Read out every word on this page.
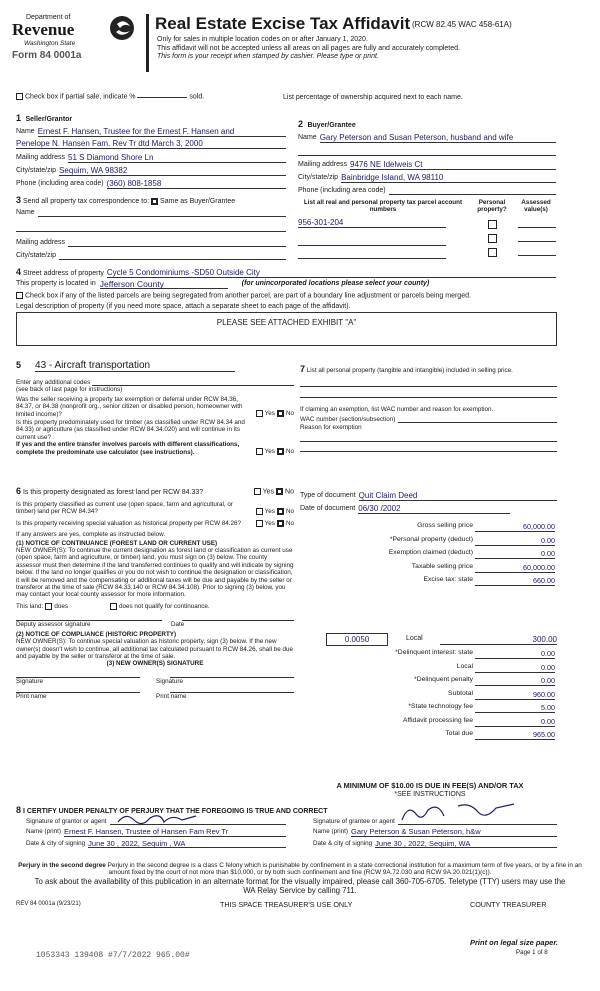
Department of
Revenue
Washington State
Form 84 0001a
Real Estate Excise Tax Affidavit (RCW 82.45 WAC 458-61A)
Only for sales in multiple location codes on or after January 1, 2020.
This affidavit will not be accepted unless all areas on all pages are fully and accurately completed.
This form is your receipt when stamped by cashier. Please type or print.
Check box if partial sale, indicate %	sold.	List percentage of ownership acquired next to each name.
1 Seller/Grantor
Name Ernest F. Hansen, Trustee for the Ernest F. Hansen and
Penelope N. Hansen Fam. Rev Tr dtd March 3, 2000
Mailing address 51 S Diamond Shore Ln
City/state/zip Sequim, WA 98382
Phone (including area code) (360) 808-1858
2 Buyer/Grantee
Name Gary Peterson and Susan Peterson, husband and wife
Mailing address 9476 NE Idelweis Ct
City/state/zip Bainbridge Island, WA 98110
Phone (including area code)
3 Send all property tax correspondence to: Same as Buyer/Grantee
Name
Mailing address
City/state/zip
List all real and personal property tax parcel account numbers
Personal property?
Assessed value(s)
956-301-204
4
Street address of property Cycle 5 Condominiums -SD50 Outside City
This property is located in Jefferson County	(for unincorporated locations please select your county)
Check box if any of the listed parcels are being segregated from another parcel, are part of a boundary line adjustment or parcels being merged.
Legal description of property (if you need more space, attach a separate sheet to each page of the affidavit).
PLEASE SEE ATTACHED EXHIBIT "A"
5 43 - Aircraft transportation
Enter any additional codes
(see back of last page for instructions)
Was the seller receiving a property tax exemption or deferral under RCW 84.36, 84.37, or 84.38 (nonprofit org., senior citizen or disabled person, homeowner with limited income)?	Yes No
Is this property predominately used for timber (as classified under RCW 84.34 and 84.33) or agriculture (as classified under RCW 84.34.020) and will continue in its current use?
If yes and the entire transfer involves parcels with different classifications, complete the predominate use calculator (see instructions).	Yes No
6 Is this property designated as forest land per RCW 84.33?	Yes No
Is this property classified as current use (open space, farm and agricultural, or timber) land per RCW 84.34?	Yes No
Is this property receiving special valuation as historical property per RCW 84.26?	Yes No
If any answers are yes, complete as instructed below.
(1) NOTICE OF CONTINUANCE (FOREST LAND OR CURRENT USE)
NEW OWNER(S): To continue the current designation as forest land or classification as current use (open space, farm and agriculture, or timber) land, you must sign on (3) below. The county assessor must then determine if the land transferred continues to qualify and will indicate by signing below. If the land no longer qualifies or you do not wish to continue the designation or classification, it will be removed and the compensating or additional taxes will be due and payable by the seller or transferor at the time of sale (RCW 84.33.140 or RCW 84.34.108). Prior to signing (3) below, you may contact your local county assessor for more information.
This land: does	does not qualify for continuance.
Deputy assessor signature	Date
(2) NOTICE OF COMPLIANCE (HISTORIC PROPERTY)
NEW OWNER(S): To continue special valuation as historic property, sign (3) below. If the new owner(s) doesn't wish to continue, all additional tax calculated pursuant to RCW 84.26, shall be due and payable by the seller or transferor at the time of sale.
(3) NEW OWNER(S) SIGNATURE
Signature	Signature
Print name	Print name
7 List all personal property (tangible and intangible) included in selling price.
If claiming an exemption, list WAC number and reason for exemption.
WAC number (section/subsection)
Reason for exemption
Type of document Quit Claim Deed
Date of document 06/30 /2002
Gross selling price	60,000.00
*Personal property (deduct)	0.00
Exemption claimed (deduct)	0.00
Taxable selling price	60,000.00
Excise tax: state	660.00
*Delinquent interest: state	0.00
Local	0.00
*Delinquent penalty	0.00
Subtotal	960.00
*State technology fee	5.00
Affidavit processing fee	0.00
Total due	965.00
0.0050	Local	300.00
A MINIMUM OF $10.00 IS DUE IN FEE(S) AND/OR TAX
*SEE INSTRUCTIONS
8 I CERTIFY UNDER PENALTY OF PERJURY THAT THE FOREGOING IS TRUE AND CORRECT
Signature of grantor or agent
Name (print) Ernest F. Hansen, Trustee of Hansen Fam Rev Tr
Date & city of signing June 30 , 2022, Sequim , WA
Signature of grantee or agent
Name (print) Gary Peterson & Susan Peterson, h&w
Date & city of signing June 30 , 2022, Sequim, WA
Perjury in the second degree Perjury in the second degree is a class C felony which is punishable by confinement in a state correctional institution for a maximum term of five years, or by a fine in an amount fixed by the court of not more than $10,000, or by both such confinement and fine (RCW 9A.72.030 and RCW 9A.20.021(1)(c)).
To ask about the availability of this publication in an alternate format for the visually impaired, please call 360-705-6705. Teletype (TTY) users may use the WA Relay Service by calling 711.
REV 84 0001a (9/23/21)	THIS SPACE TREASURER'S USE ONLY	COUNTY TREASURER
1053343 139408 #7/7/2022 965.00#
Print on legal size paper.
Page 1 of 8
